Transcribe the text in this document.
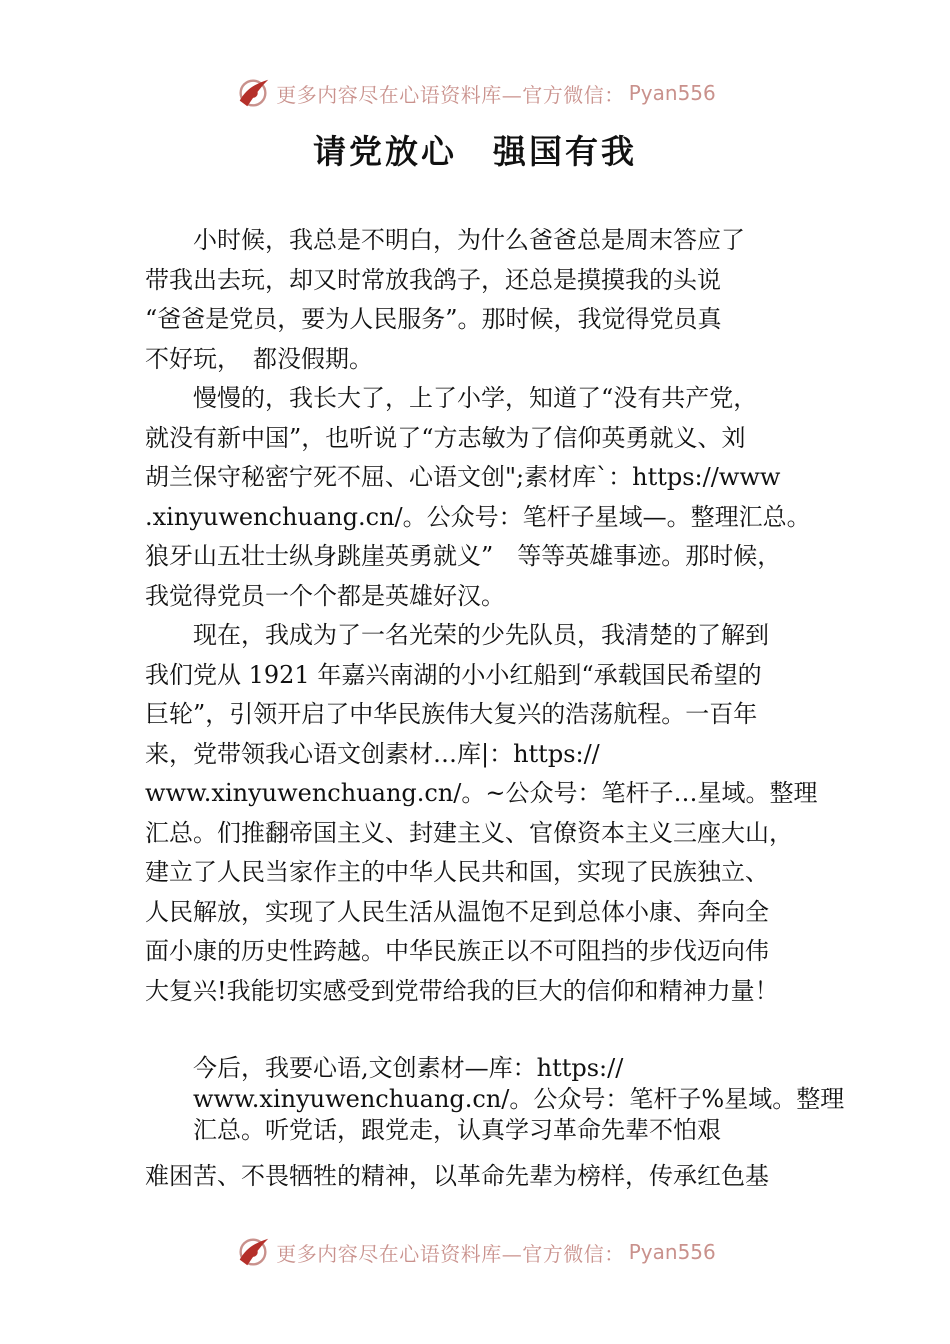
更多内容尽在心语资料库—官方微信： Pyan556
请党放心　强国有我
　　小时候，我总是不明白，为什么爸爸总是周末答应了
带我出去玩，却又时常放我鸽子，还总是摸摸我的头说
“爸爸是党员，要为人民服务”。那时候，我觉得党员真
不好玩，　都没假期。
　　慢慢的，我长大了，上了小学，知道了“没有共产党，
就没有新中国”，也听说了“方志敏为了信仰英勇就义、刘
胡兰保守秘密宁死不屈、心语文创";素材库`：https://www
.xinyuwenchuang.cn/。公众号：笔杆子星域—。整理汇总。
狼牙山五壮士纵身跳崖英勇就义”　等等英雄事迹。那时候，
我觉得党员一个个都是英雄好汉。
　　现在，我成为了一名光荣的少先队员，我清楚的了解到
我们党从 1921 年嘉兴南湖的小小红船到“承载国民希望的
巨轮”，引领开启了中华民族伟大复兴的浩荡航程。一百年
来，党带领我心语文创素材…库|：https://
www.xinyuwenchuang.cn/。~公众号：笔杆子…星域。整理
汇总。们推翻帝国主义、封建主义、官僚资本主义三座大山，
建立了人民当家作主的中华人民共和国，实现了民族独立、
人民解放，实现了人民生活从温饱不足到总体小康、奔向全
面小康的历史性跨越。中华民族正以不可阻挡的步伐迈向伟
大复兴!我能切实感受到党带给我的巨大的信仰和精神力量！
　　今后，我要心语,文创素材—库：https://
　　www.xinyuwenchuang.cn/。公众号：笔杆子%星域。整理
　　汇总。听党话，跟党走，认真学习革命先辈不怕艰
难困苦、不畏牺牲的精神，以革命先辈为榜样，传承红色基
更多内容尽在心语资料库—官方微信： Pyan556
